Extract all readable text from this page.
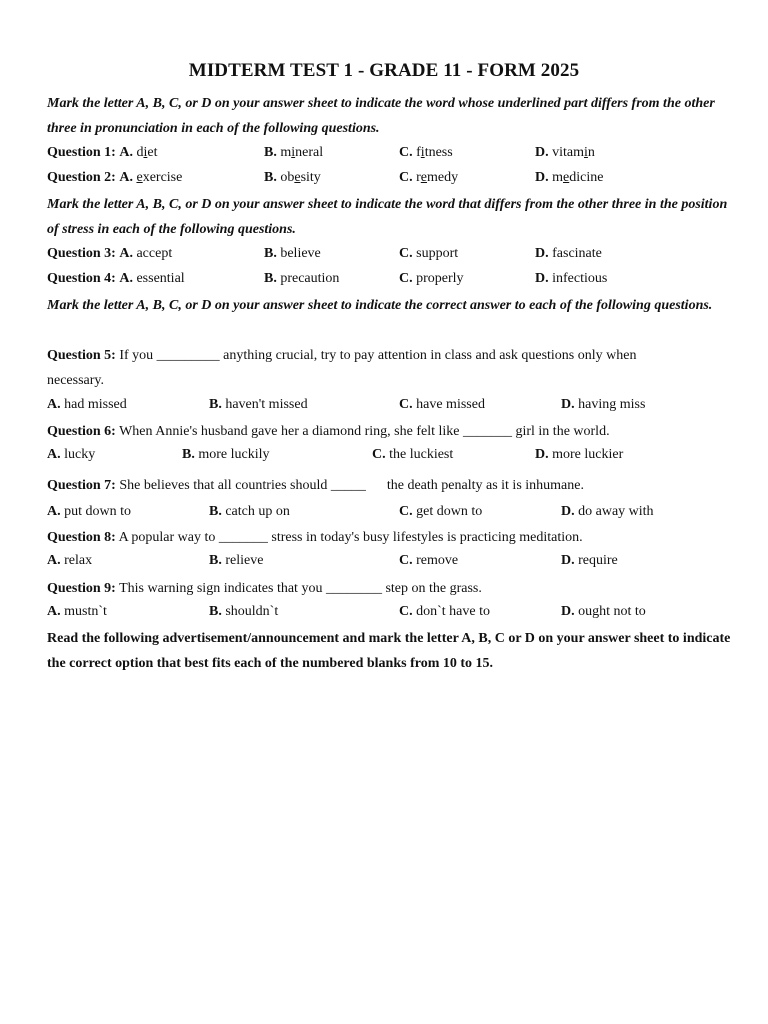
MIDTERM TEST 1 - GRADE 11 - FORM 2025
Mark the letter A, B, C, or D on your answer sheet to indicate the word whose underlined part differs from the other three in pronunciation in each of the following questions.
Question 1: A. diet	B. mineral	C. fitness	D. vitamin
Question 2: A. exercise	B. obesity	C. remedy	D. medicine
Mark the letter A, B, C, or D on your answer sheet to indicate the word that differs from the other three in the position of stress in each of the following questions.
Question 3: A. accept	B. believe	C. support	D. fascinate
Question 4: A. essential	B. precaution	C. properly	D. infectious
Mark the letter A, B, C, or D on your answer sheet to indicate the correct answer to each of the following questions.
Question 5: If you _________ anything crucial, try to pay attention in class and ask questions only when
necessary.
A. had missed	B. haven't missed	C. have missed	D. having miss
Question 6: When Annie's husband gave her a diamond ring, she felt like _______ girl in the world.
A. lucky	B. more luckily	C. the luckiest	D. more luckier
Question 7: She believes that all countries should _____      the death penalty as it is inhumane.
A. put down to	B. catch up on	C. get down to	D. do away with
Question 8: A popular way to _______ stress in today's busy lifestyles is practicing meditation.
A. relax	B. relieve	C. remove	D. require
Question 9: This warning sign indicates that you ________ step on the grass.
A. mustn`t	B. shouldn`t	C. don`t have to	D. ought not to
Read the following advertisement/announcement and mark the letter A, B, C or D on your answer sheet to indicate the correct option that best fits each of the numbered blanks from 10 to 15.
